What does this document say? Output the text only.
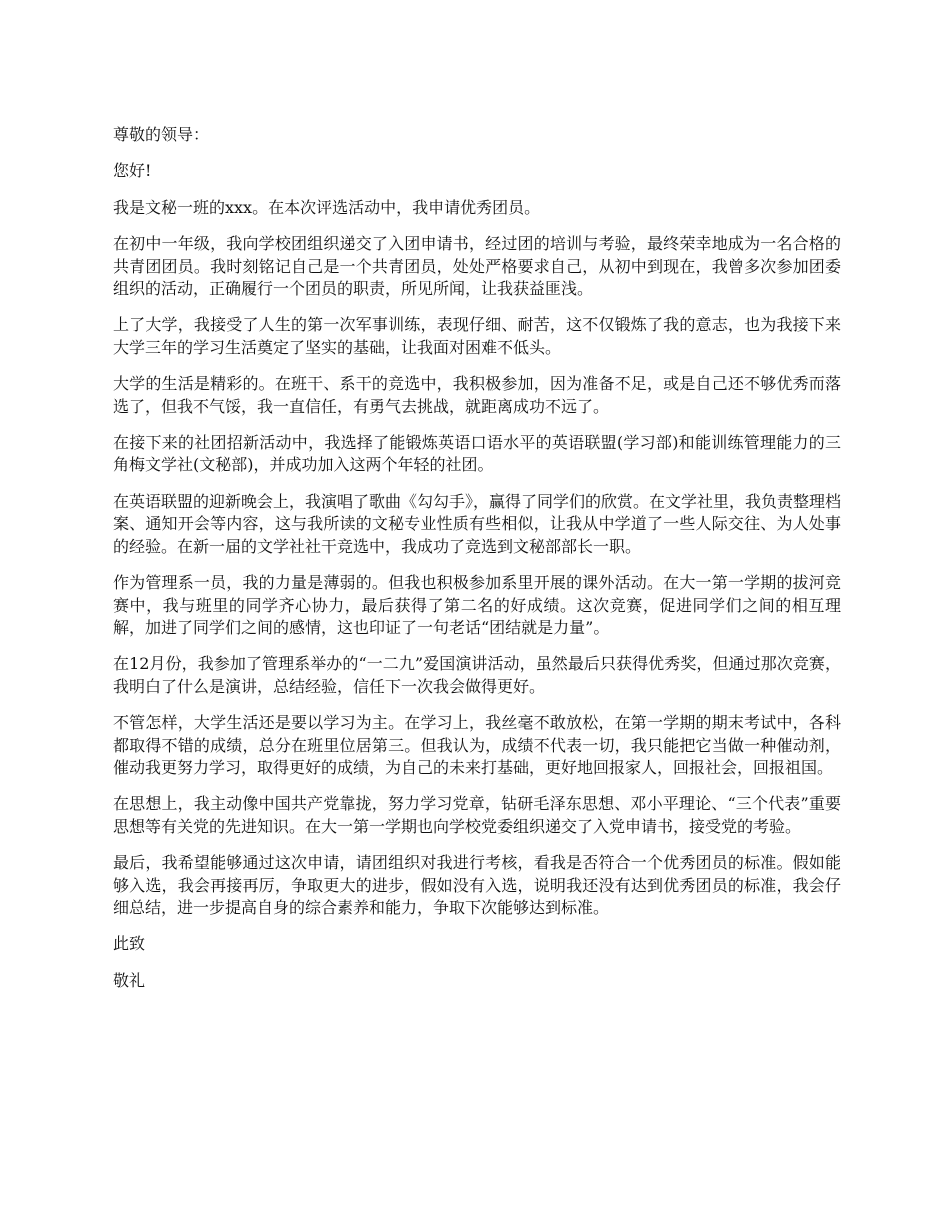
尊敬的领导：

您好!

我是文秘一班的xxx。在本次评选活动中，我申请优秀团员。

在初中一年级，我向学校团组织递交了入团申请书，经过团的培训与考验，最终荣幸地成为一名合格的共青团团员。我时刻铭记自己是一个共青团员，处处严格要求自己，从初中到现在，我曾多次参加团委组织的活动，正确履行一个团员的职责，所见所闻，让我获益匪浅。

上了大学，我接受了人生的第一次军事训练，表现仔细、耐苦，这不仅锻炼了我的意志，也为我接下来大学三年的学习生活奠定了坚实的基础，让我面对困难不低头。

大学的生活是精彩的。在班干、系干的竞选中，我积极参加，因为准备不足，或是自己还不够优秀而落选了，但我不气馁，我一直信任，有勇气去挑战，就距离成功不远了。

在接下来的社团招新活动中，我选择了能锻炼英语口语水平的英语联盟(学习部)和能训练管理能力的三角梅文学社(文秘部)，并成功加入这两个年轻的社团。

在英语联盟的迎新晚会上，我演唱了歌曲《勾勾手》，赢得了同学们的欣赏。在文学社里，我负责整理档案、通知开会等内容，这与我所读的文秘专业性质有些相似，让我从中学道了一些人际交往、为人处事的经验。在新一届的文学社社干竞选中，我成功了竞选到文秘部部长一职。

作为管理系一员，我的力量是薄弱的。但我也积极参加系里开展的课外活动。在大一第一学期的拔河竞赛中，我与班里的同学齐心协力，最后获得了第二名的好成绩。这次竞赛，促进同学们之间的相互理解，加进了同学们之间的感情，这也印证了一句老话“团结就是力量”。

在12月份，我参加了管理系举办的“一二九”爱国演讲活动，虽然最后只获得优秀奖，但通过那次竞赛，我明白了什么是演讲，总结经验，信任下一次我会做得更好。

不管怎样，大学生活还是要以学习为主。在学习上，我丝毫不敢放松，在第一学期的期末考试中，各科都取得不错的成绩，总分在班里位居第三。但我认为，成绩不代表一切，我只能把它当做一种催动剂，催动我更努力学习，取得更好的成绩，为自己的未来打基础，更好地回报家人，回报社会，回报祖国。

在思想上，我主动像中国共产党靠拢，努力学习党章，钻研毛泽东思想、邓小平理论、“三个代表”重要思想等有关党的先进知识。在大一第一学期也向学校党委组织递交了入党申请书，接受党的考验。

最后，我希望能够通过这次申请，请团组织对我进行考核，看我是否符合一个优秀团员的标准。假如能够入选，我会再接再厉，争取更大的进步，假如没有入选，说明我还没有达到优秀团员的标准，我会仔细总结，进一步提高自身的综合素养和能力，争取下次能够达到标准。

此致

敬礼
